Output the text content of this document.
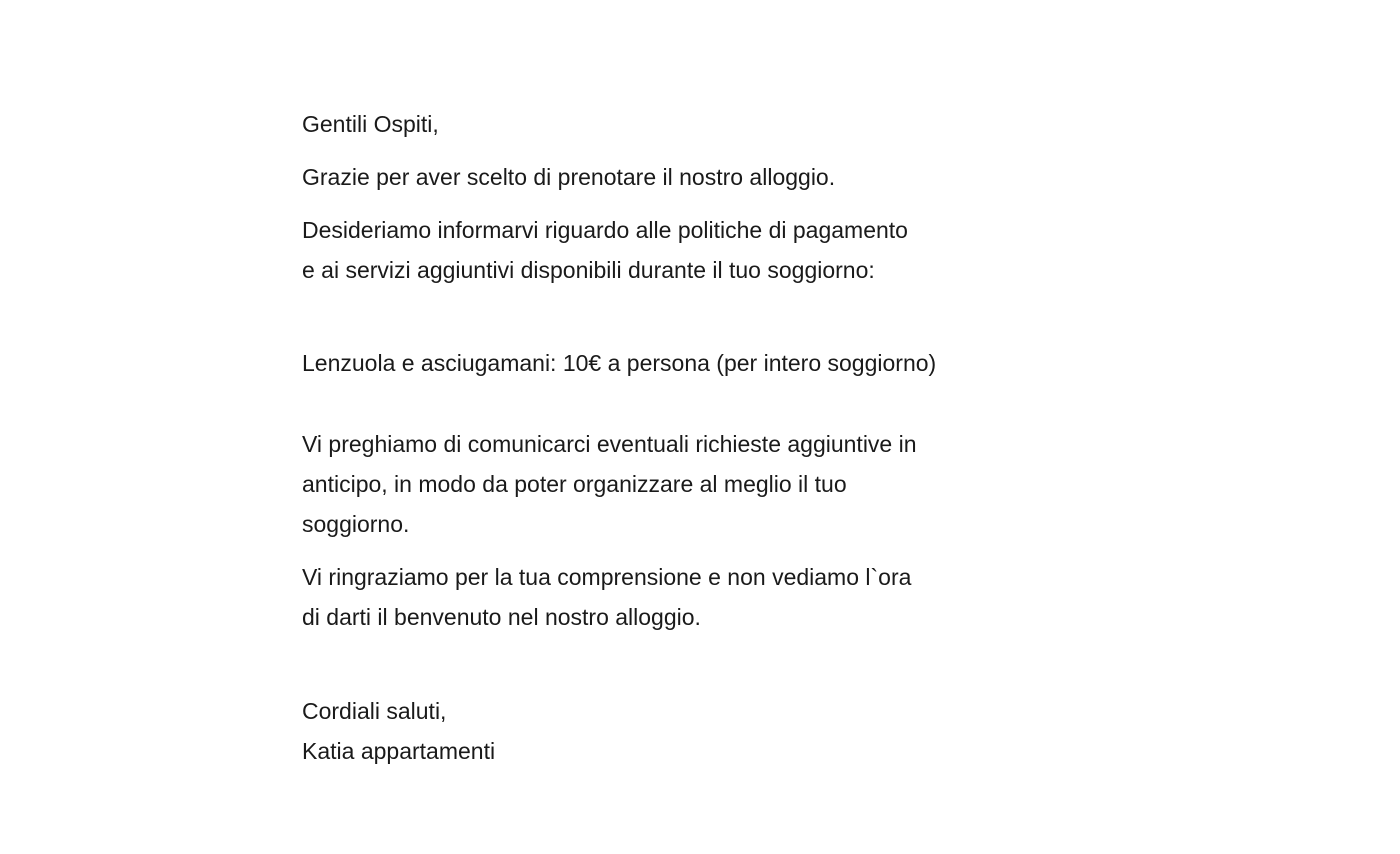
Gentili Ospiti,

Grazie per aver scelto di prenotare il nostro alloggio.

Desideriamo informarvi riguardo alle politiche di pagamento

e ai servizi aggiuntivi disponibili durante il tuo soggiorno:

Lenzuola e asciugamani: 10€ a persona (per intero soggiorno)

Vi preghiamo di comunicarci eventuali richieste aggiuntive in

anticipo, in modo da poter organizzare al meglio il tuo

soggiorno.

Vi ringraziamo per la tua comprensione e non vediamo l`ora

di darti il benvenuto nel nostro alloggio.

Cordiali saluti,

Katia appartamenti
